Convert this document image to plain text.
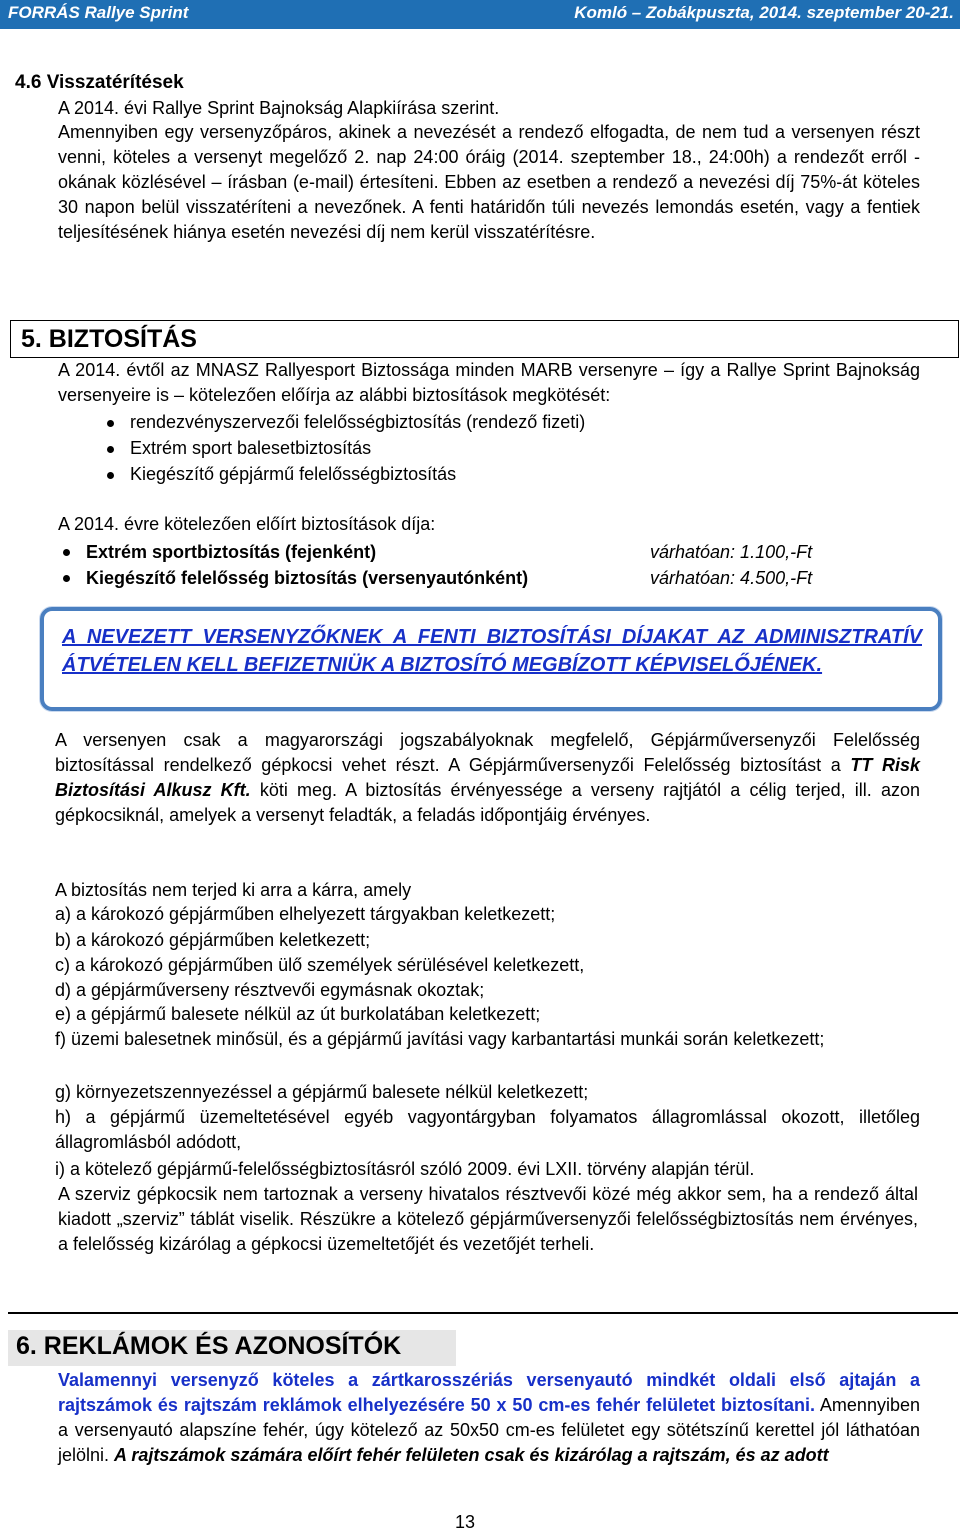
FORRÁS Rallye Sprint	Komló – Zobákpuszta, 2014. szeptember 20-21.
4.6 Visszatérítések
A 2014. évi Rallye Sprint Bajnokság Alapkiírása szerint.
Amennyiben egy versenyzőpáros, akinek a nevezését a rendező elfogadta, de nem tud a versenyen részt venni, köteles a versenyt megelőző 2. nap 24:00 óráig (2014. szeptember 18., 24:00h) a rendezőt erről - okának közlésével – írásban (e-mail) értesíteni. Ebben az esetben a rendező a nevezési díj 75%-át köteles 30 napon belül visszatéríteni a nevezőnek. A fenti határidőn túli nevezés lemondás esetén, vagy a fentiek teljesítésének hiánya esetén nevezési díj nem kerül visszatérítésre.
5. BIZTOSÍTÁS
A 2014. évtől az MNASZ Rallyesport Biztossága minden MARB versenyre – így a Rallye Sprint Bajnokság versenyeire is – kötelezően előírja az alábbi biztosítások megkötését:
rendezvényszervezői felelősségbiztosítás (rendező fizeti)
Extrém sport balesetbiztosítás
Kiegészítő gépjármű felelősségbiztosítás
A 2014. évre kötelezően előírt biztosítások díja:
Extrém sportbiztosítás (fejenként)	várhatóan: 1.100,-Ft
Kiegészítő felelősség biztosítás (versenyautónként)	várhatóan: 4.500,-Ft
A NEVEZETT VERSENYZŐKNEK A FENTI BIZTOSÍTÁSI DÍJAKAT AZ ADMINISZTRATÍV ÁTVÉTELEN KELL BEFIZETNIÜK A BIZTOSÍTÓ MEGBÍZOTT KÉPVISELŐJÉNEK.
A versenyen csak a magyarországi jogszabályoknak megfelelő, Gépjárműversenyzői Felelősség biztosítással rendelkező gépkocsi vehet részt. A Gépjárműversenyzői Felelősség biztosítást a TT Risk Biztosítási Alkusz Kft. köti meg. A biztosítás érvényessége a verseny rajtjától a célig terjed, ill. azon gépkocsiknál, amelyek a versenyt feladták, a feladás időpontjáig érvényes.
A biztosítás nem terjed ki arra a kárra, amely
a) a károkozó gépjárműben elhelyezett tárgyakban keletkezett;
b) a károkozó gépjárműben keletkezett;
c) a károkozó gépjárműben ülő személyek sérülésével keletkezett,
d) a gépjárműverseny résztvevői egymásnak okoztak;
e) a gépjármű balesete nélkül az út burkolatában keletkezett;
f) üzemi balesetnek minősül, és a gépjármű javítási vagy karbantartási munkái során keletkezett;
g) környezetszennyezéssel a gépjármű balesete nélkül keletkezett;
h) a gépjármű üzemeltetésével egyéb vagyontárgyban folyamatos állagromlással okozott, illetőleg állagromlásból adódott,
i) a kötelező gépjármű-felelősségbiztosításról szóló 2009. évi LXII. törvény alapján térül.
A szerviz gépkocsik nem tartoznak a verseny hivatalos résztvevői közé még akkor sem, ha a rendező által kiadott „szerviz” táblát viselik. Részükre a kötelező gépjárműversenyzői felelősségbiztosítás nem érvényes, a felelősség kizárólag a gépkocsi üzemeltetőjét és vezetőjét terheli.
6. REKLÁMOK ÉS AZONOSÍTÓK
Valamennyi versenyző köteles a zártkarosszériás versenyautó mindkét oldali első ajtaján a rajtszámok és rajtszám reklámok elhelyezésére 50 x 50 cm-es fehér felületet biztosítani. Amennyiben a versenyautó alapszíne fehér, úgy kötelező az 50x50 cm-es felületet egy sötétszínű kerettel jól láthatóan jelölni. A rajtszámok számára előírt fehér felületen csak és kizárólag a rajtszám, és az adott
13
